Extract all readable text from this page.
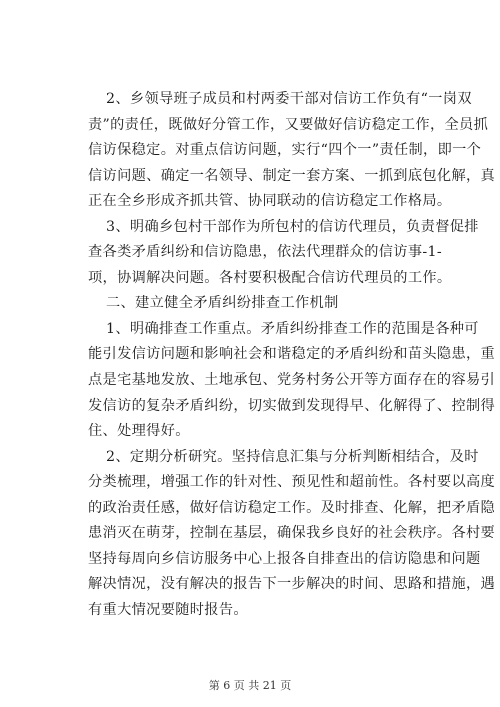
2、乡领导班子成员和村两委干部对信访工作负有“一岗双
责”的责任，既做好分管工作，又要做好信访稳定工作，全员抓
信访保稳定。对重点信访问题，实行“四个一”责任制，即一个
信访问题、确定一名领导、制定一套方案、一抓到底包化解，真
正在全乡形成齐抓共管、协同联动的信访稳定工作格局。
3、明确乡包村干部作为所包村的信访代理员，负责督促排
查各类矛盾纠纷和信访隐患，依法代理群众的信访事-1-
项，协调解决问题。各村要积极配合信访代理员的工作。
二、建立健全矛盾纠纷排查工作机制
1、明确排查工作重点。矛盾纠纷排查工作的范围是各种可
能引发信访问题和影响社会和谐稳定的矛盾纠纷和苗头隐患，重
点是宅基地发放、土地承包、党务村务公开等方面存在的容易引
发信访的复杂矛盾纠纷，切实做到发现得早、化解得了、控制得
住、处理得好。
2、定期分析研究。坚持信息汇集与分析判断相结合，及时
分类梳理，增强工作的针对性、预见性和超前性。各村要以高度
的政治责任感，做好信访稳定工作。及时排查、化解，把矛盾隐
患消灭在萌芽，控制在基层，确保我乡良好的社会秩序。各村要
坚持每周向乡信访服务中心上报各自排查出的信访隐患和问题
解决情况，没有解决的报告下一步解决的时间、思路和措施，遇
有重大情况要随时报告。
第 6 页 共 21 页
